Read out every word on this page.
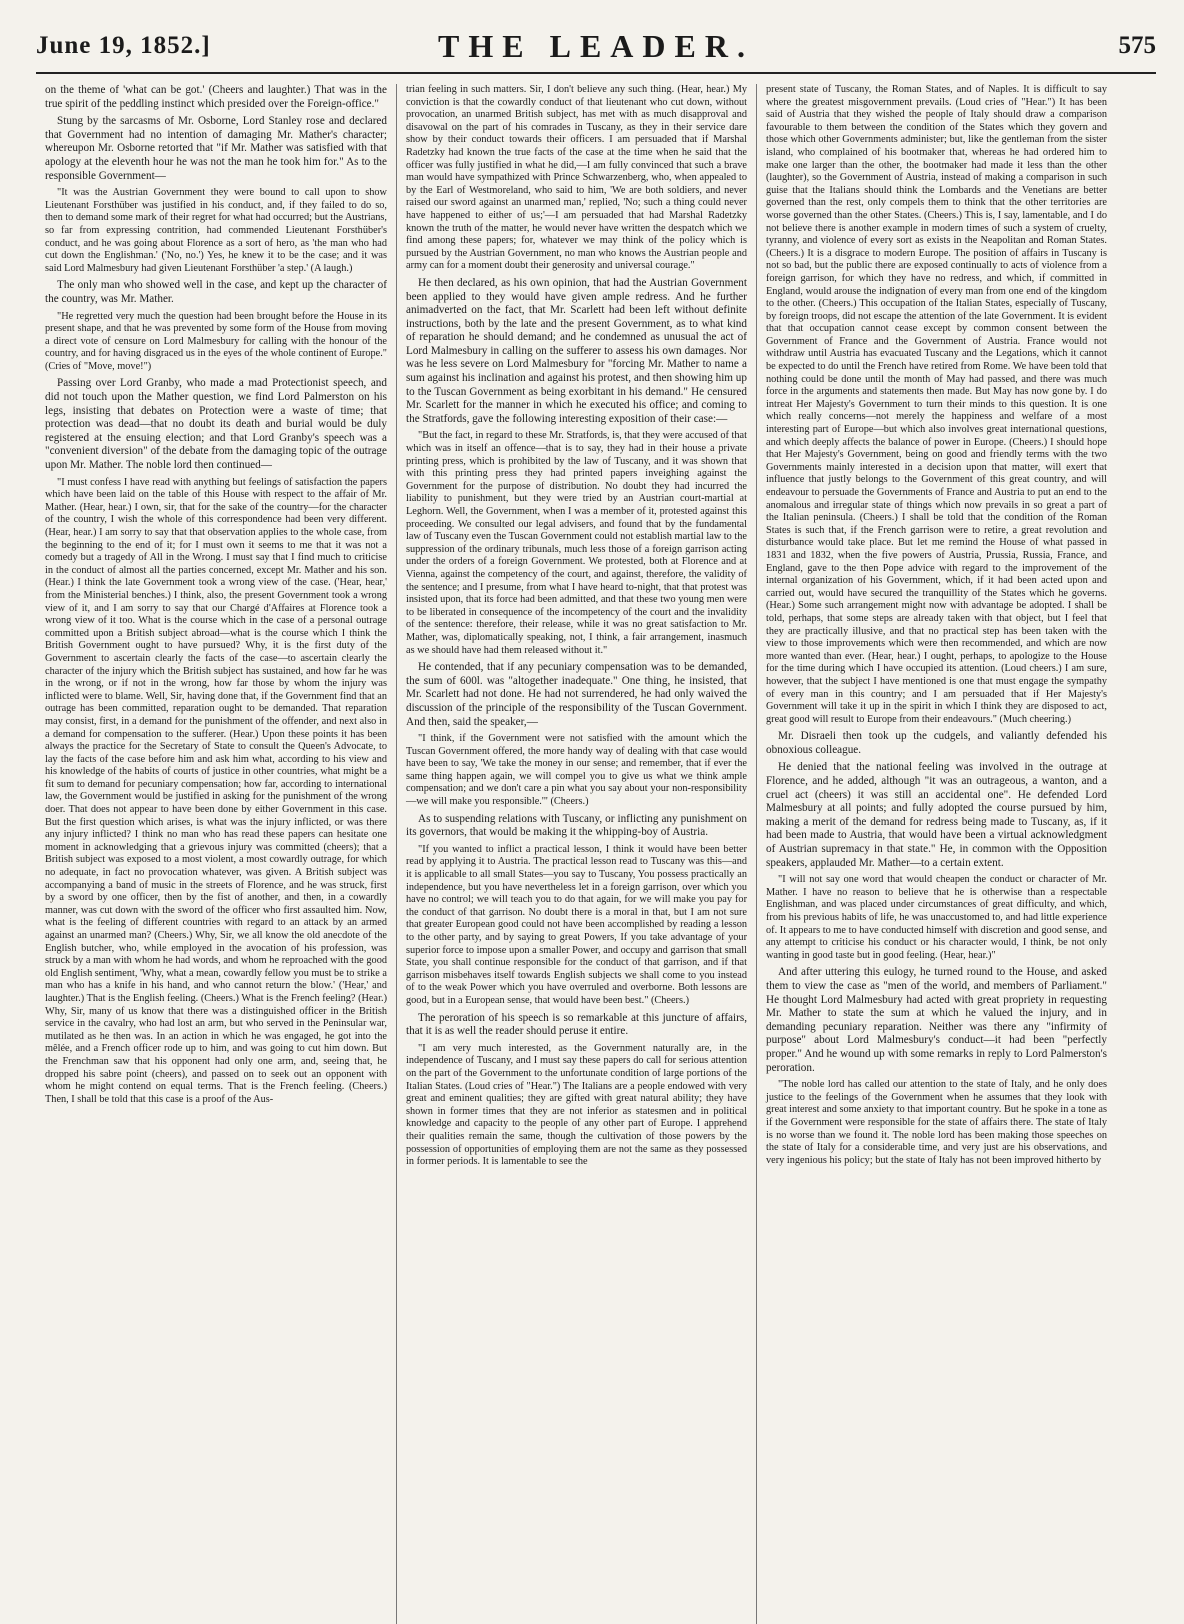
June 19, 1852.]	THE LEADER.	575

on the theme of 'what can be got.' (Cheers and laughter.) That was in the true spirit of the peddling instinct which presided over the Foreign-office."

Stung by the sarcasms of Mr. Osborne, Lord Stanley rose and declared that Government had no intention of damaging Mr. Mather's character; whereupon Mr. Osborne retorted that "if Mr. Mather was satisfied with that apology at the eleventh hour he was not the man he took him for." As to the responsible Government—

"It was the Austrian Government they were bound to call upon to show Lieutenant Forsthüber was justified in his conduct, and, if they failed to do so, then to demand some mark of their regret for what had occurred; but the Austrians, so far from expressing contrition, had commended Lieutenant Forsthüber's conduct, and he was going about Florence as a sort of hero, as 'the man who had cut down the Englishman.' ('No, no.') Yes, he knew it to be the case; and it was said Lord Malmesbury had given Lieutenant Forsthüber 'a step.' (A laugh.)

The only man who showed well in the case, and kept up the character of the country, was Mr. Mather.

"He regretted very much the question had been brought before the House in its present shape, and that he was prevented by some form of the House from moving a direct vote of censure on Lord Malmesbury for calling with the honour of the country, and for having disgraced us in the eyes of the whole continent of Europe." (Cries of "Move, move!")

Passing over Lord Granby, who made a mad Protectionist speech, and did not touch upon the Mather question, we find Lord Palmerston on his legs, insisting that debates on Protection were a waste of time; that protection was dead—that no doubt its death and burial would be duly registered at the ensuing election; and that Lord Granby's speech was a "convenient diversion" of the debate from the damaging topic of the outrage upon Mr. Mather. The noble lord then continued—

"I must confess I have read with anything but feelings of satisfaction the papers which have been laid on the table of this House with respect to the affair of Mr. Mather. (Hear, hear.) I own, sir, that for the sake of the country—for the character of the country, I wish the whole of this correspondence had been very different. (Hear, hear.) I am sorry to say that that observation applies to the whole case, from the beginning to the end of it; for I must own it seems to me that it was not a comedy but a tragedy of All in the Wrong. I must say that I find much to criticise in the conduct of almost all the parties concerned, except Mr. Mather and his son. (Hear.) I think the late Government took a wrong view of the case. ('Hear, hear,' from the Ministerial benches.) I think, also, the present Government took a wrong view of it, and I am sorry to say that our Chargé d'Affaires at Florence took a wrong view of it too. What is the course which in the case of a personal outrage committed upon a British subject abroad—what is the course which I think the British Government ought to have pursued? Why, it is the first duty of the Government to ascertain clearly the facts of the case—to ascertain clearly the character of the injury which the British subject has sustained, and how far he was in the wrong, or if not in the wrong, how far those by whom the injury was inflicted were to blame. Well, Sir, having done that, if the Government find that an outrage has been committed, reparation ought to be demanded. That reparation may consist, first, in a demand for the punishment of the offender, and next also in a demand for compensation to the sufferer. (Hear.) Upon these points it has been always the practice for the Secretary of State to consult the Queen's Advocate, to lay the facts of the case before him and ask him what, according to his view and his knowledge of the habits of courts of justice in other countries, what might be a fit sum to demand for pecuniary compensation; how far, according to international law, the Government would be justified in asking for the punishment of the wrong doer. That does not appear to have been done by either Government in this case. But the first question which arises, is what was the injury inflicted, or was there any injury inflicted? I think no man who has read these papers can hesitate one moment in acknowledging that a grievous injury was committed (cheers); that a British subject was exposed to a most violent, a most cowardly outrage, for which no adequate, in fact no provocation whatever, was given. A British subject was accompanying a band of music in the streets of Florence, and he was struck, first by a sword by one officer, then by the fist of another, and then, in a cowardly manner, was cut down with the sword of the officer who first assaulted him. Now, what is the feeling of different countries with regard to an attack by an armed against an unarmed man? (Cheers.) Why, Sir, we all know the old anecdote of the English butcher, who, while employed in the avocation of his profession, was struck by a man with whom he had words, and whom he reproached with the good old English sentiment, 'Why, what a mean, cowardly fellow you must be to strike a man who has a knife in his hand, and who cannot return the blow.' ('Hear,' and laughter.) That is the English feeling. (Cheers.) What is the French feeling? (Hear.) Why, Sir, many of us know that there was a distinguished officer in the British service in the cavalry, who had lost an arm, but who served in the Peninsular war, mutilated as he then was. In an action in which he was engaged, he got into the mêlée, and a French officer rode up to him, and was going to cut him down. But the Frenchman saw that his opponent had only one arm, and, seeing that, he dropped his sabre point (cheers), and passed on to seek out an opponent with whom he might contend on equal terms. That is the French feeling. (Cheers.) Then, I shall be told that this case is a proof of the Aus-

trian feeling in such matters. Sir, I don't believe any such thing. (Hear, hear.) My conviction is that the cowardly conduct of that lieutenant who cut down, without provocation, an unarmed British subject, has met with as much disapproval and disavowal on the part of his comrades in Tuscany, as they in their service dare show by their conduct towards their officers. I am persuaded that if Marshal Radetzky had known the true facts of the case at the time when he said that the officer was fully justified in what he did,—I am fully convinced that such a brave man would have sympathized with Prince Schwarzenberg, who, when appealed to by the Earl of Westmoreland, who said to him, 'We are both soldiers, and never raised our sword against an unarmed man,' replied, 'No; such a thing could never have happened to either of us;'—I am persuaded that had Marshal Radetzky known the truth of the matter, he would never have written the despatch which we find among these papers; for, whatever we may think of the policy which is pursued by the Austrian Government, no man who knows the Austrian people and army can for a moment doubt their generosity and universal courage."

He then declared, as his own opinion, that had the Austrian Government been applied to they would have given ample redress. And he further animadverted on the fact, that Mr. Scarlett had been left without definite instructions, both by the late and the present Government, as to what kind of reparation he should demand; and he condemned as unusual the act of Lord Malmesbury in calling on the sufferer to assess his own damages. Nor was he less severe on Lord Malmesbury for "forcing Mr. Mather to name a sum against his inclination and against his protest, and then showing him up to the Tuscan Government as being exorbitant in his demand." He censured Mr. Scarlett for the manner in which he executed his office; and coming to the Stratfords, gave the following interesting exposition of their case:—

"But the fact, in regard to these Mr. Stratfords, is, that they were accused of that which was in itself an offence—that is to say, they had in their house a private printing press, which is prohibited by the law of Tuscany, and it was shown that with this printing press they had printed papers inveighing against the Government for the purpose of distribution. No doubt they had incurred the liability to punishment, but they were tried by an Austrian court-martial at Leghorn. Well, the Government, when I was a member of it, protested against this proceeding. We consulted our legal advisers, and found that by the fundamental law of Tuscany even the Tuscan Government could not establish martial law to the suppression of the ordinary tribunals, much less those of a foreign garrison acting under the orders of a foreign Government. We protested, both at Florence and at Vienna, against the competency of the court, and against, therefore, the validity of the sentence; and I presume, from what I have heard to-night, that that protest was insisted upon, that its force had been admitted, and that these two young men were to be liberated in consequence of the incompetency of the court and the invalidity of the sentence: therefore, their release, while it was no great satisfaction to Mr. Mather, was, diplomatically speaking, not, I think, a fair arrangement, inasmuch as we should have had them released without it."

He contended, that if any pecuniary compensation was to be demanded, the sum of 600l. was "altogether inadequate." One thing, he insisted, that Mr. Scarlett had not done. He had not surrendered, he had only waived the discussion of the principle of the responsibility of the Tuscan Government. And then, said the speaker,—

"I think, if the Government were not satisfied with the amount which the Tuscan Government offered, the more handy way of dealing with that case would have been to say, 'We take the money in our sense; and remember, that if ever the same thing happen again, we will compel you to give us what we think ample compensation; and we don't care a pin what you say about your non-responsibility—we will make you responsible.'" (Cheers.)

As to suspending relations with Tuscany, or inflicting any punishment on its governors, that would be making it the whipping-boy of Austria.

"If you wanted to inflict a practical lesson, I think it would have been better read by applying it to Austria. The practical lesson read to Tuscany was this—and it is applicable to all small States—you say to Tuscany, You possess practically an independence, but you have nevertheless let in a foreign garrison, over which you have no control; we will teach you to do that again, for we will make you pay for the conduct of that garrison. No doubt there is a moral in that, but I am not sure that greater European good could not have been accomplished by reading a lesson to the other party, and by saying to great Powers, If you take advantage of your superior force to impose upon a smaller Power, and occupy and garrison that small State, you shall continue responsible for the conduct of that garrison, and if that garrison misbehaves itself towards English subjects we shall come to you instead of to the weak Power which you have overruled and overborne. Both lessons are good, but in a European sense, that would have been best." (Cheers.)

The peroration of his speech is so remarkable at this juncture of affairs, that it is as well the reader should peruse it entire.

"I am very much interested, as the Government naturally are, in the independence of Tuscany, and I must say these papers do call for serious attention on the part of the Government to the unfortunate condition of large portions of the Italian States. (Loud cries of "Hear.") The Italians are a people endowed with very great and eminent qualities; they are gifted with great natural ability; they have shown in former times that they are not inferior as statesmen and in political knowledge and capacity to the people of any other part of Europe. I apprehend their qualities remain the same, though the cultivation of those powers by the possession of opportunities of employing them are not the same as they possessed in former periods. It is lamentable to see the

present state of Tuscany, the Roman States, and of Naples. It is difficult to say where the greatest misgovernment prevails. (Loud cries of "Hear.") It has been said of Austria that they wished the people of Italy should draw a comparison favourable to them between the condition of the States which they govern and those which other Governments administer; but, like the gentleman from the sister island, who complained of his bootmaker that, whereas he had ordered him to make one larger than the other, the bootmaker had made it less than the other (laughter), so the Government of Austria, instead of making a comparison in such guise that the Italians should think the Lombards and the Venetians are better governed than the rest, only compels them to think that the other territories are worse governed than the other States. (Cheers.) This is, I say, lamentable, and I do not believe there is another example in modern times of such a system of cruelty, tyranny, and violence of every sort as exists in the Neapolitan and Roman States. (Cheers.) It is a disgrace to modern Europe. The position of affairs in Tuscany is not so bad, but the public there are exposed continually to acts of violence from a foreign garrison, for which they have no redress, and which, if committed in England, would arouse the indignation of every man from one end of the kingdom to the other. (Cheers.) This occupation of the Italian States, especially of Tuscany, by foreign troops, did not escape the attention of the late Government. It is evident that that occupation cannot cease except by common consent between the Government of France and the Government of Austria. France would not withdraw until Austria has evacuated Tuscany and the Legations, which it cannot be expected to do until the French have retired from Rome. We have been told that nothing could be done until the month of May had passed, and there was much force in the arguments and statements then made. But May has now gone by. I do intreat Her Majesty's Government to turn their minds to this question. It is one which really concerns—not merely the happiness and welfare of a most interesting part of Europe—but which also involves great international questions, and which deeply affects the balance of power in Europe. (Cheers.) I should hope that Her Majesty's Government, being on good and friendly terms with the two Governments mainly interested in a decision upon that matter, will exert that influence that justly belongs to the Government of this great country, and will endeavour to persuade the Governments of France and Austria to put an end to the anomalous and irregular state of things which now prevails in so great a part of the Italian peninsula. (Cheers.) I shall be told that the condition of the Roman States is such that, if the French garrison were to retire, a great revolution and disturbance would take place. But let me remind the House of what passed in 1831 and 1832, when the five powers of Austria, Prussia, Russia, France, and England, gave to the then Pope advice with regard to the improvement of the internal organization of his Government, which, if it had been acted upon and carried out, would have secured the tranquillity of the States which he governs. (Hear.) Some such arrangement might now with advantage be adopted. I shall be told, perhaps, that some steps are already taken with that object, but I feel that they are practically illusive, and that no practical step has been taken with the view to those improvements which were then recommended, and which are now more wanted than ever. (Hear, hear.) I ought, perhaps, to apologize to the House for the time during which I have occupied its attention. (Loud cheers.) I am sure, however, that the subject I have mentioned is one that must engage the sympathy of every man in this country; and I am persuaded that if Her Majesty's Government will take it up in the spirit in which I think they are disposed to act, great good will result to Europe from their endeavours." (Much cheering.)

Mr. Disraeli then took up the cudgels, and valiantly defended his obnoxious colleague.

He denied that the national feeling was involved in the outrage at Florence, and he added, although "it was an outrageous, a wanton, and a cruel act (cheers) it was still an accidental one". He defended Lord Malmesbury at all points; and fully adopted the course pursued by him, making a merit of the demand for redress being made to Tuscany, as, if it had been made to Austria, that would have been a virtual acknowledgment of Austrian supremacy in that state." He, in common with the Opposition speakers, applauded Mr. Mather—to a certain extent.

"I will not say one word that would cheapen the conduct or character of Mr. Mather. I have no reason to believe that he is otherwise than a respectable Englishman, and was placed under circumstances of great difficulty, and which, from his previous habits of life, he was unaccustomed to, and had little experience of. It appears to me to have conducted himself with discretion and good sense, and any attempt to criticise his conduct or his character would, I think, be not only wanting in good taste but in good feeling. (Hear, hear.)"

And after uttering this eulogy, he turned round to the House, and asked them to view the case as "men of the world, and members of Parliament." He thought Lord Malmesbury had acted with great propriety in requesting Mr. Mather to state the sum at which he valued the injury, and in demanding pecuniary reparation. Neither was there any "infirmity of purpose" about Lord Malmesbury's conduct—it had been "perfectly proper." And he wound up with some remarks in reply to Lord Palmerston's peroration.

"The noble lord has called our attention to the state of Italy, and he only does justice to the feelings of the Government when he assumes that they look with great interest and some anxiety to that important country. But he spoke in a tone as if the Government were responsible for the state of affairs there. The state of Italy is no worse than we found it. The noble lord has been making those speeches on the state of Italy for a considerable time, and very just are his observations, and very ingenious his policy; but the state of Italy has not been improved hitherto by
